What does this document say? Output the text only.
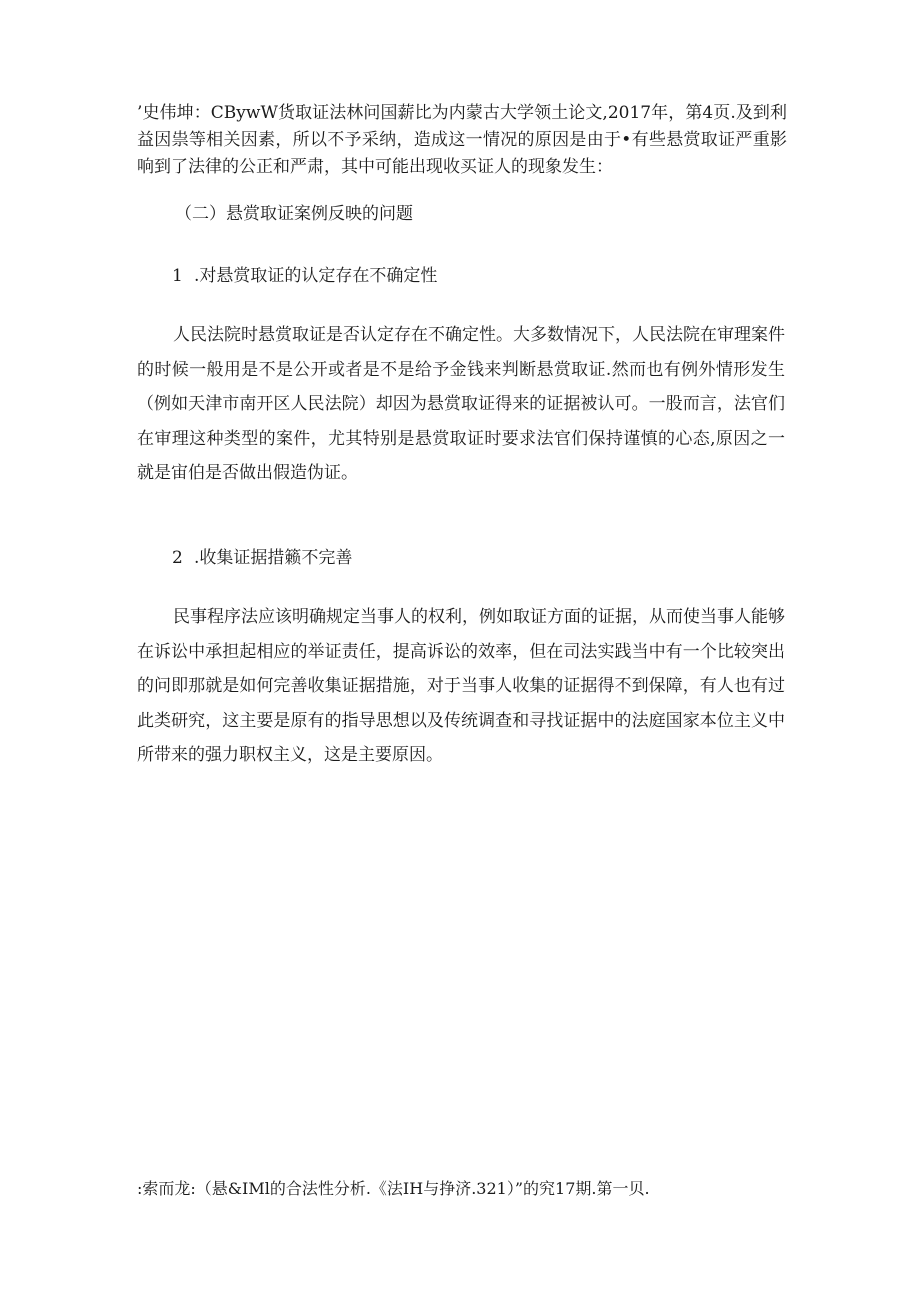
’史伟坤：CBywW货取证法林问国薪比为内蒙古大学领土论文,2017年，第4页.及到利益因祟等相关因素，所以不予采纳，造成这一情况的原因是由于•有些悬赏取证严重影响到了法律的公正和严肃，其中可能出现收买证人的现象发生：
（二）悬赏取证案例反映的问题
1 .对悬赏取证的认定存在不确定性
人民法院时悬赏取证是否认定存在不确定性。大多数情况下，人民法院在审理案件的时候一般用是不是公开或者是不是给予金钱来判断悬赏取证.然而也有例外情形发生（例如天津市南开区人民法院）却因为悬赏取证得来的证据被认可。一股而言，法官们在审理这种类型的案件，尤其特别是悬赏取证时要求法官们保持谨慎的心态,原因之一就是宙伯是否做出假造伪证。
2 .收集证据措籁不完善
民事程序法应该明确规定当事人的权利，例如取证方面的证据，从而使当事人能够在诉讼中承担起相应的举证责任，提高诉讼的效率，但在司法实践当中有一个比较突出的问即那就是如何完善收集证据措施，对于当事人收集的证据得不到保障，有人也有过此类研究，这主要是原有的指导思想以及传统调查和寻找证据中的法庭国家本位主义中所带来的强力职权主义，这是主要原因。
:索而龙:（悬&IMl的合法性分析.《法IH与挣济.321）”的究17期.第一贝.
